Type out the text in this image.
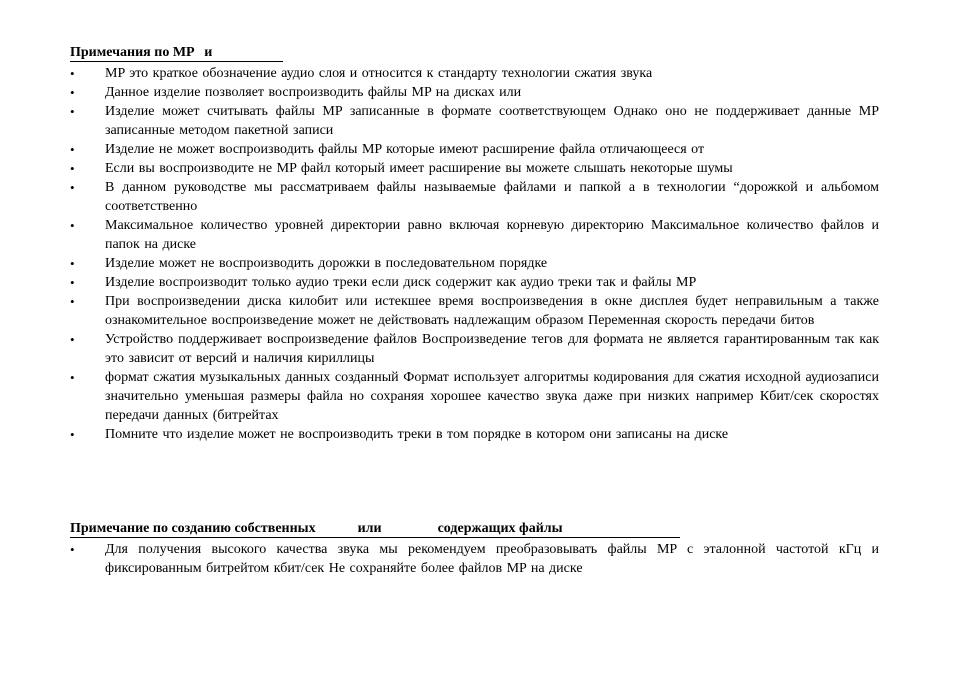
Примечания по MP   и
•	MP это краткое обозначение аудио слоя и относится к стандарту технологии сжатия звука
•	Данное изделие позволяет воспроизводить файлы MP на дисках или
•	Изделие может считывать файлы MP записанные в формате соответствующем Однако оно не поддерживает данные MP записанные методом пакетной записи
•	Изделие не может воспроизводить файлы MP которые имеют расширение файла отличающееся от
•	Если вы воспроизводите не MP файл который имеет расширение вы можете слышать некоторые шумы
•	В данном руководстве мы рассматриваем файлы называемые файлами и папкой а в технологии “дорожкой и альбомом соответственно
•	Максимальное количество уровней директории равно включая корневую директорию Максимальное количество файлов и папок на диске
•	Изделие может не воспроизводить дорожки в последовательном порядке
•	Изделие воспроизводит только аудио треки если диск содержит как аудио треки так и файлы MP
•	При воспроизведении диска килобит или истекшее время воспроизведения в окне дисплея будет неправильным а также ознакомительное воспроизведение может не действовать надлежащим образом Переменная скорость передачи битов
•	Устройство поддерживает воспроизведение файлов Воспроизведение тегов для формата не является гарантированным так как это зависит от версий и наличия кириллицы
•	формат сжатия музыкальных данных созданный Формат использует алгоритмы кодирования для сжатия исходной аудиозаписи значительно уменьшая размеры файла но сохраняя хорошее качество звука даже при низких например Кбит/сек скоростях передачи данных (битрейтах
•	Помните что изделие может не воспроизводить треки в том порядке в котором они записаны на диске
Примечание по созданию собственных            или                содержащих файлы
•	Для получения высокого качества звука мы рекомендуем преобразовывать файлы MP с эталонной частотой кГц и фиксированным битрейтом кбит/сек Не сохраняйте более файлов MP на диске
